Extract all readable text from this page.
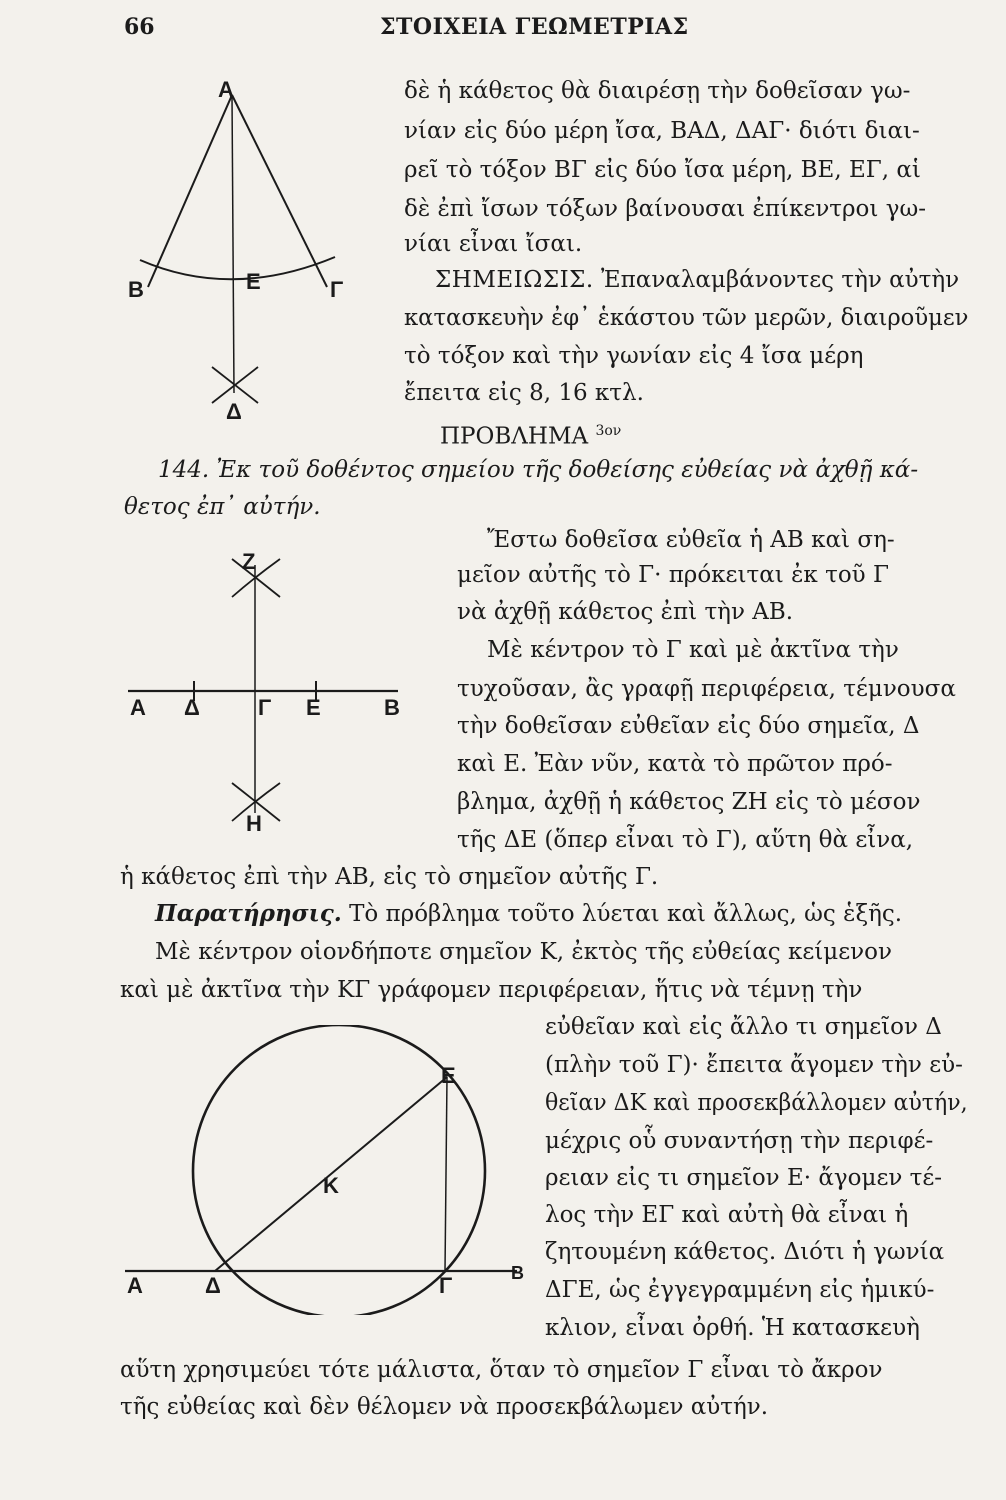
66	ΣΤΟΙΧΕΙΑ ΓΕΩΜΕΤΡΙΑΣ
Α
Β	Γ
Ε
Δ
Ζ
Α Δ	Γ Ε	Β
Η
Ε
Κ
Α	Δ	Γ	Β
δὲ ἡ κάθετος θὰ διαιρέσῃ τὴν δοθεῖσαν γω-
νίαν εἰς δύο μέρη ἴσα, ΒΑΔ, ΔΑΓ· διότι διαι-
ρεῖ τὸ τόξον ΒΓ εἰς δύο ἴσα μέρη, ΒΕ, ΕΓ, αἱ
δὲ ἐπὶ ἴσων τόξων βαίνουσαι ἐπίκεντροι γω-
νίαι εἶναι ἴσαι.
ΣΗΜΕΙΩΣΙΣ. Ἐπαναλαμβάνοντες τὴν αὐτὴν
κατασκευὴν ἐφ᾽ ἑκάστου τῶν μερῶν, διαιροῦμεν
τὸ τόξον καὶ τὴν γωνίαν εἰς 4 ἴσα μέρη
ἔπειτα εἰς 8, 16 κτλ.
ΠΡΟΒΛΗΜΑ $^{3o\nu}$
144. Ἐκ τοῦ δοθέντος σημείου τῆς δοθείσης εὐθείας νὰ ἀχθῇ κά-
θετος ἐπ᾽ αὐτήν.
Ἔστω δοθεῖσα εὐθεῖα ἡ ΑΒ καὶ ση-
μεῖον αὐτῆς τὸ Γ· πρόκειται ἐκ τοῦ Γ
νὰ ἀχθῇ κάθετος ἐπὶ τὴν ΑΒ.
Μὲ κέντρον τὸ Γ καὶ μὲ ἀκτῖνα τὴν
τυχοῦσαν, ἂς γραφῇ περιφέρεια, τέμνουσα
τὴν δοθεῖσαν εὐθεῖαν εἰς δύο σημεῖα, Δ
καὶ Ε. Ἐὰν νῦν, κατὰ τὸ πρῶτον πρό-
βλημα, ἀχθῇ ἡ κάθετος ΖΗ εἰς τὸ μέσον
τῆς ΔΕ (ὅπερ εἶναι τὸ Γ), αὕτη θὰ εἶνα,
ἡ κάθετος ἐπὶ τὴν ΑΒ, εἰς τὸ σημεῖον αὐτῆς Γ.
Παρατήρησις. Τὸ πρόβλημα τοῦτο λύεται καὶ ἄλλως, ὡς ἑξῆς.
Μὲ κέντρον οἱονδήποτε σημεῖον Κ, ἐκτὸς τῆς εὐθείας κείμενον
καὶ μὲ ἀκτῖνα τὴν ΚΓ γράφομεν περιφέρειαν, ἥτις νὰ τέμνῃ τὴν
εὐθεῖαν καὶ εἰς ἄλλο τι σημεῖον Δ
(πλὴν τοῦ Γ)· ἔπειτα ἄγομεν τὴν εὐ-
θεῖαν ΔΚ καὶ προσεκβάλλομεν αὐτήν,
μέχρις οὗ συναντήσῃ τὴν περιφέ-
ρειαν εἰς τι σημεῖον Ε· ἄγομεν τέ-
λος τὴν ΕΓ καὶ αὐτὴ θὰ εἶναι ἡ
ζητουμένη κάθετος. Διότι ἡ γωνία
ΔΓΕ, ὡς ἐγγεγραμμένη εἰς ἡμικύ-
κλιον, εἶναι ὀρθή. Ἡ κατασκευὴ
αὕτη χρησιμεύει τότε μάλιστα, ὅταν τὸ σημεῖον Γ εἶναι τὸ ἄκρον
τῆς εὐθείας καὶ δὲν θέλομεν νὰ προσεκβάλωμεν αὐτήν.
